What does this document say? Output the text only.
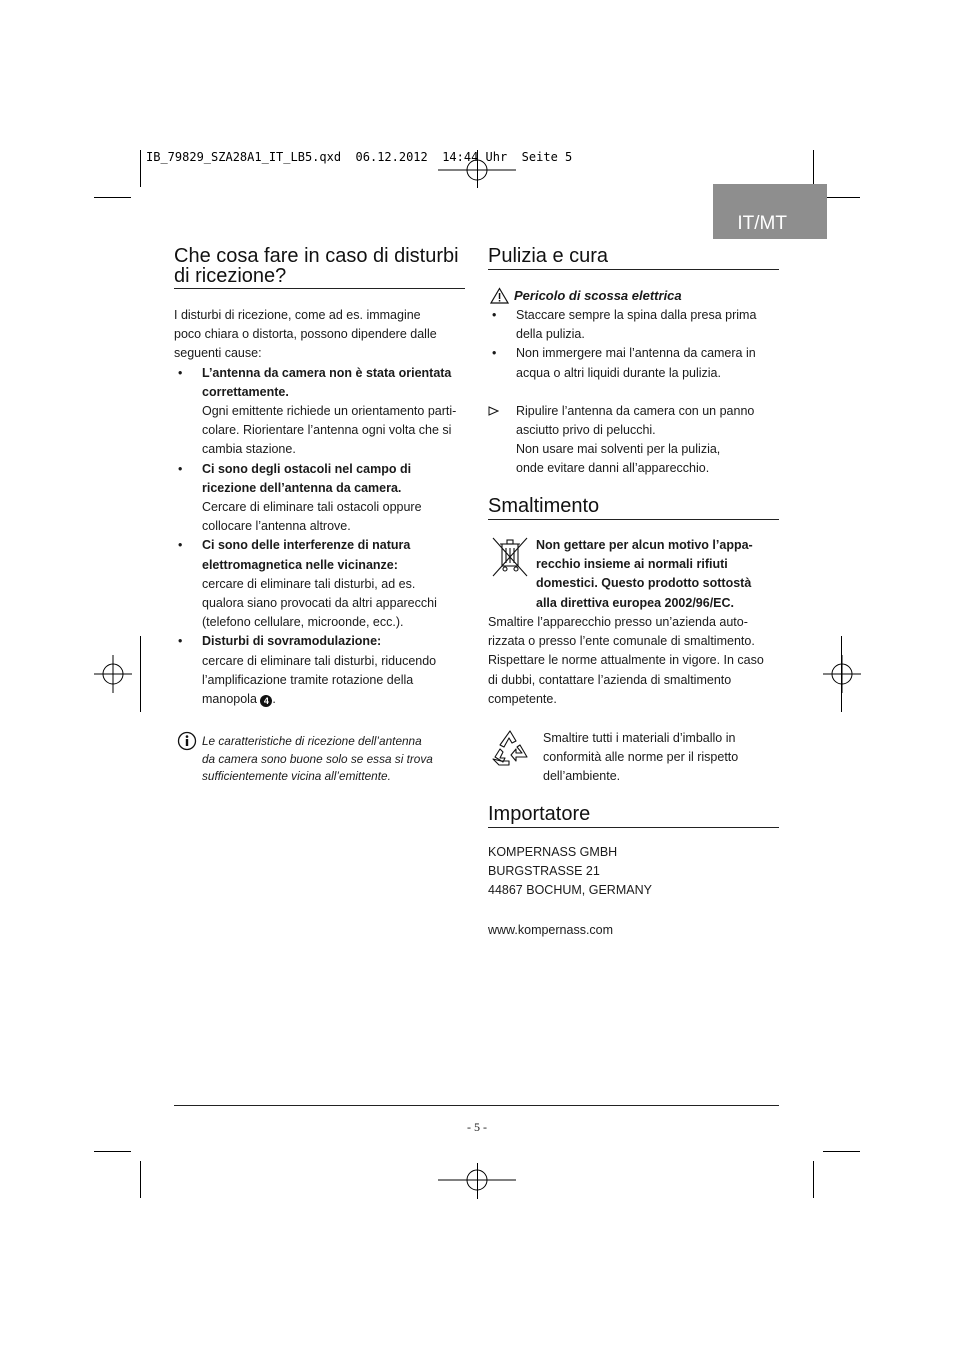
IB_79829_SZA28A1_IT_LB5.qxd  06.12.2012  14:44 Uhr  Seite 5
IT/MT
Che cosa fare in caso di disturbi
di ricezione?

I disturbi di ricezione, come ad es. immagine
poco chiara o distorta, possono dipendere dalle
seguenti cause:

• L’antenna da camera non è stata orientata
correttamente.
Ogni emittente richiede un orientamento parti-
colare. Riorientare l’antenna ogni volta che si
cambia stazione.
• Ci sono degli ostacoli nel campo di
ricezione dell’antenna da camera.
Cercare di eliminare tali ostacoli oppure
collocare l’antenna altrove.
• Ci sono delle interferenze di natura
elettromagnetica nelle vicinanze:
cercare di eliminare tali disturbi, ad es.
qualora siano provocati da altri apparecchi
(telefono cellulare, microonde, ecc.).
• Disturbi di sovramodulazione:
cercare di eliminare tali disturbi, riducendo
l’amplificazione tramite rotazione della
manopola 4 .
Le caratteristiche di ricezione dell’antenna
da camera sono buone solo se essa si trova
sufficientemente vicina all’emittente.
Pulizia e cura
Pericolo di scossa elettrica
• Staccare sempre la spina dalla presa prima
della pulizia.
• Non immergere mai l’antenna da camera in
acqua o altri liquidi durante la pulizia.
Ripulire l’antenna da camera con un panno
asciutto privo di pelucchi.
Non usare mai solventi per la pulizia,
onde evitare danni all’apparecchio.
Smaltimento
Non gettare per alcun motivo l’appa-
recchio insieme ai normali rifiuti
domestici. Questo prodotto sottostà
alla direttiva europea 2002/96/EC.
Smaltire l’apparecchio presso un’azienda auto-
rizzata o presso l’ente comunale di smaltimento.
Rispettare le norme attualmente in vigore. In caso
di dubbi, contattare l’azienda di smaltimento
competente.
Smaltire tutti i materiali d’imballo in
conformità alle norme per il rispetto
dell’ambiente.
Importatore
KOMPERNASS GMBH
BURGSTRASSE 21
44867 BOCHUM, GERMANY
www.kompernass.com
- 5 -
